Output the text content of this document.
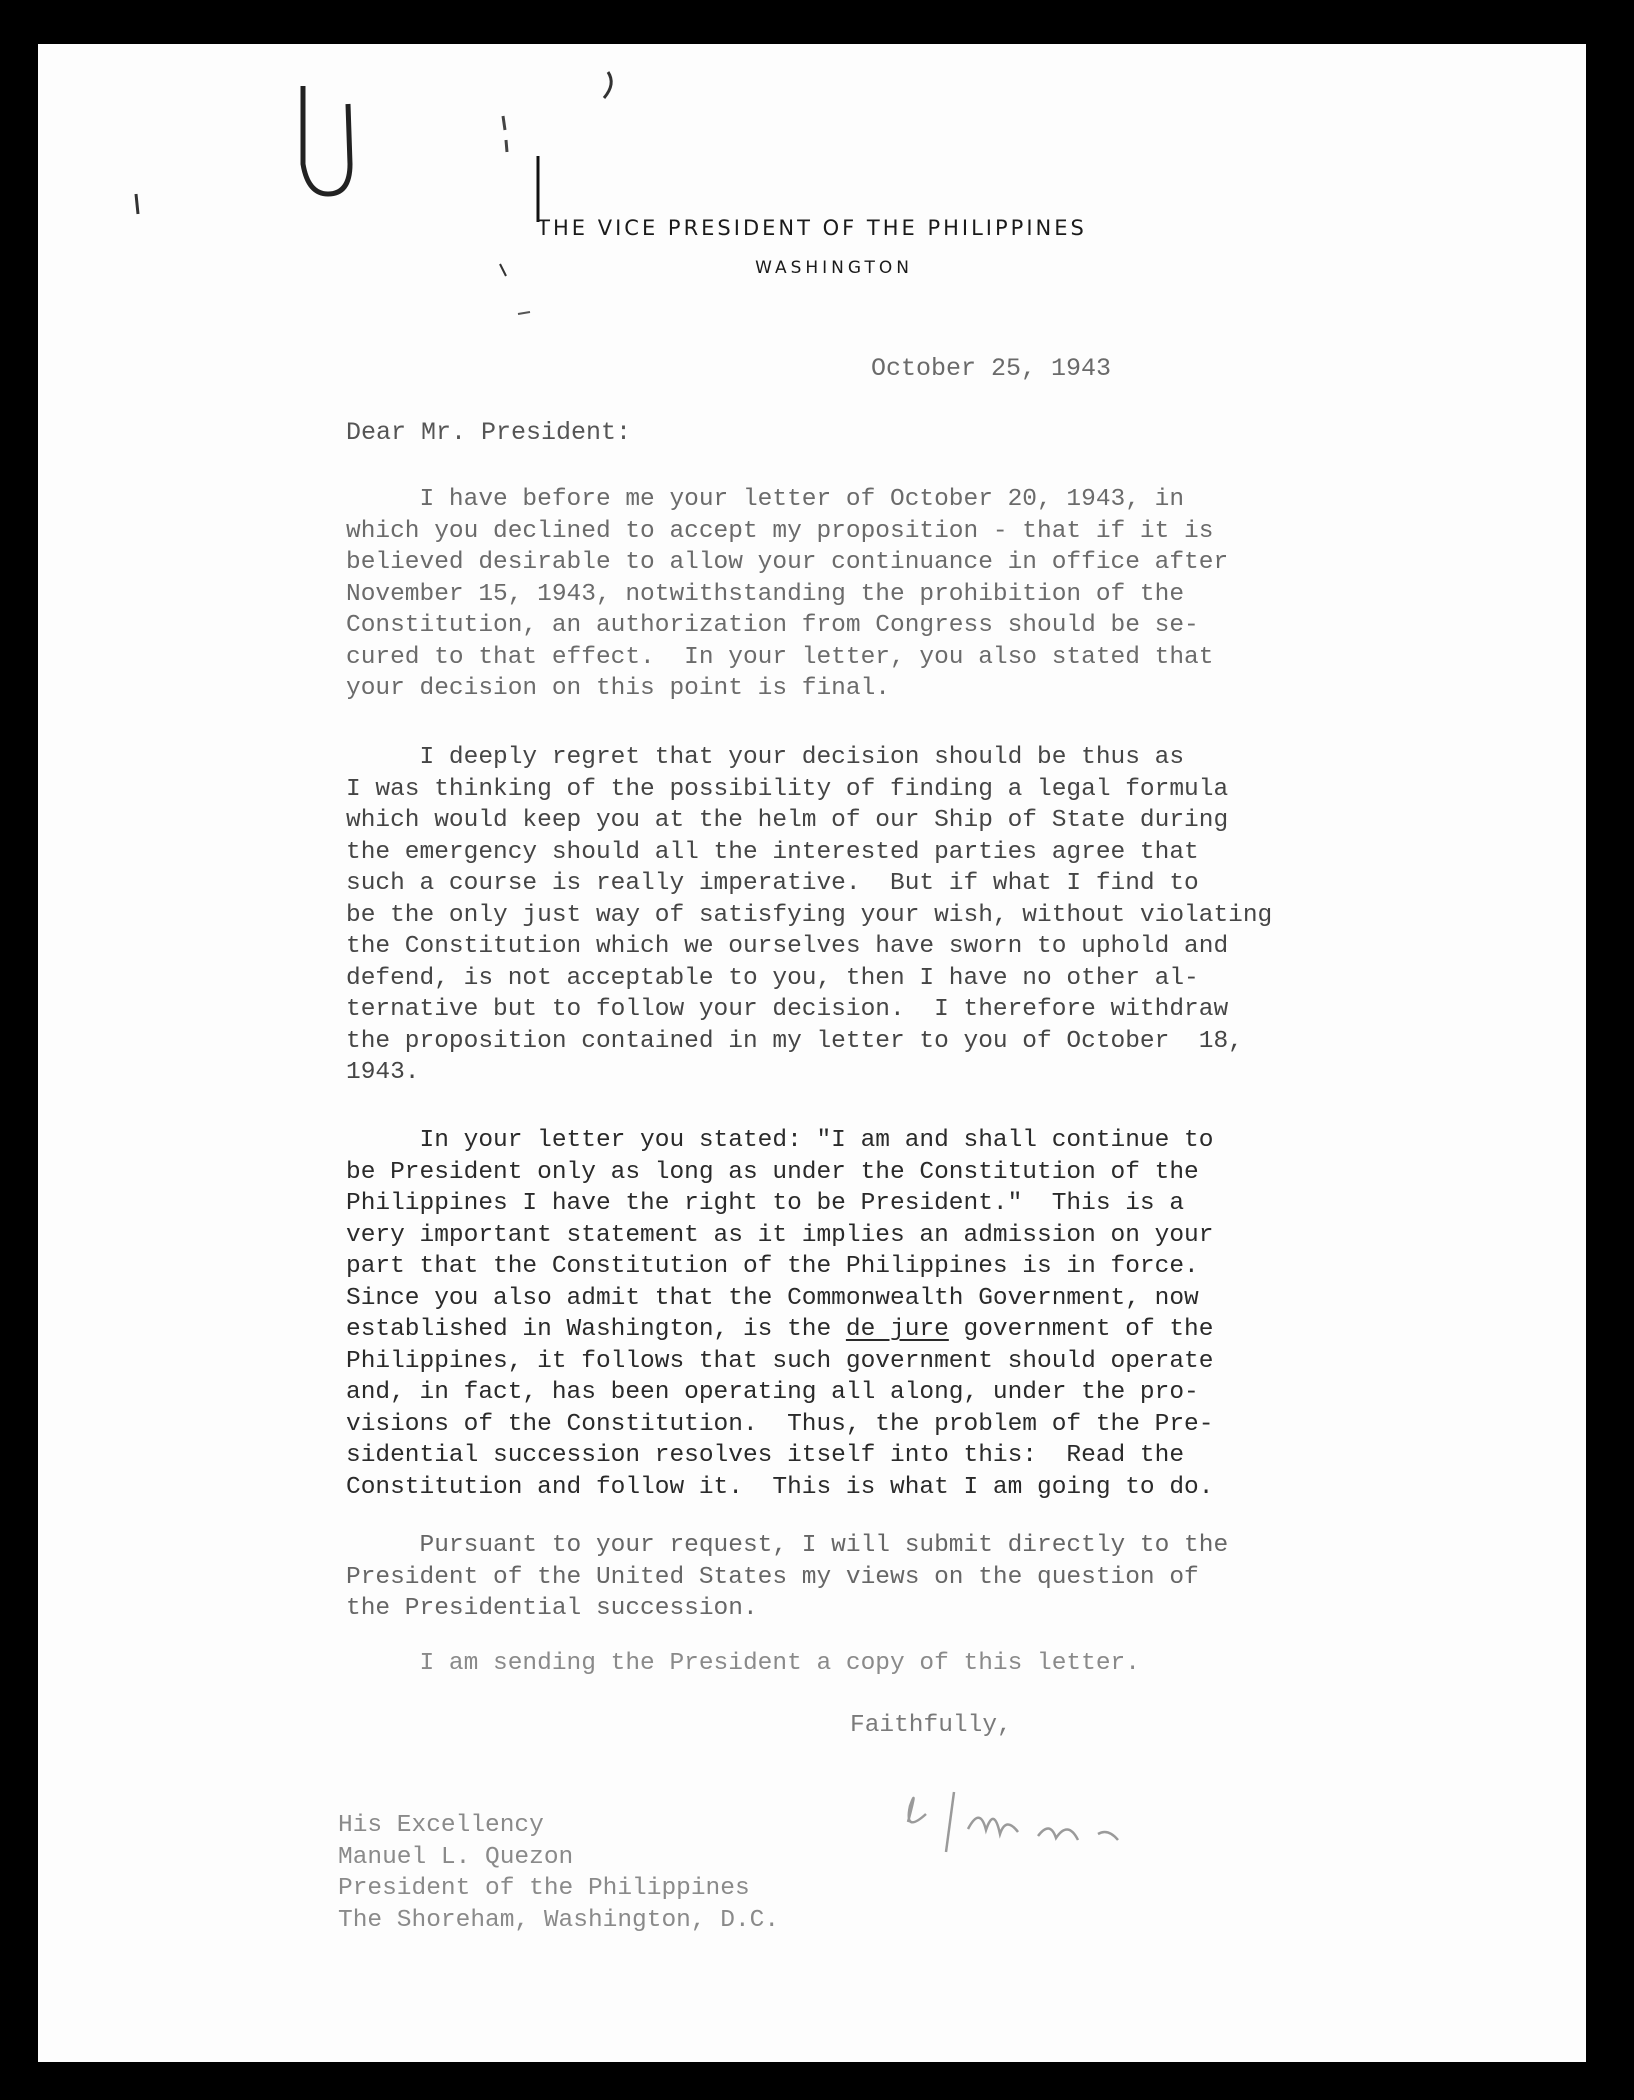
THE VICE PRESIDENT OF THE PHILIPPINES
WASHINGTON
October 25, 1943
Dear Mr. President:
I have before me your letter of October 20, 1943, in
which you declined to accept my proposition - that if it is
believed desirable to allow your continuance in office after
November 15, 1943, notwithstanding the prohibition of the
Constitution, an authorization from Congress should be se-
cured to that effect.  In your letter, you also stated that
your decision on this point is final.
I deeply regret that your decision should be thus as
I was thinking of the possibility of finding a legal formula
which would keep you at the helm of our Ship of State during
the emergency should all the interested parties agree that
such a course is really imperative.  But if what I find to
be the only just way of satisfying your wish, without violating
the Constitution which we ourselves have sworn to uphold and
defend, is not acceptable to you, then I have no other al-
ternative but to follow your decision.  I therefore withdraw
the proposition contained in my letter to you of October  18,
1943.
In your letter you stated: "I am and shall continue to
be President only as long as under the Constitution of the
Philippines I have the right to be President."  This is a
very important statement as it implies an admission on your
part that the Constitution of the Philippines is in force.
Since you also admit that the Commonwealth Government, now
established in Washington, is the de jure government of the
Philippines, it follows that such government should operate
and, in fact, has been operating all along, under the pro-
visions of the Constitution.  Thus, the problem of the Pre-
sidential succession resolves itself into this:  Read the
Constitution and follow it.  This is what I am going to do.
Pursuant to your request, I will submit directly to the
President of the United States my views on the question of
the Presidential succession.
I am sending the President a copy of this letter.
Faithfully,
His Excellency
Manuel L. Quezon
President of the Philippines
The Shoreham, Washington, D.C.
